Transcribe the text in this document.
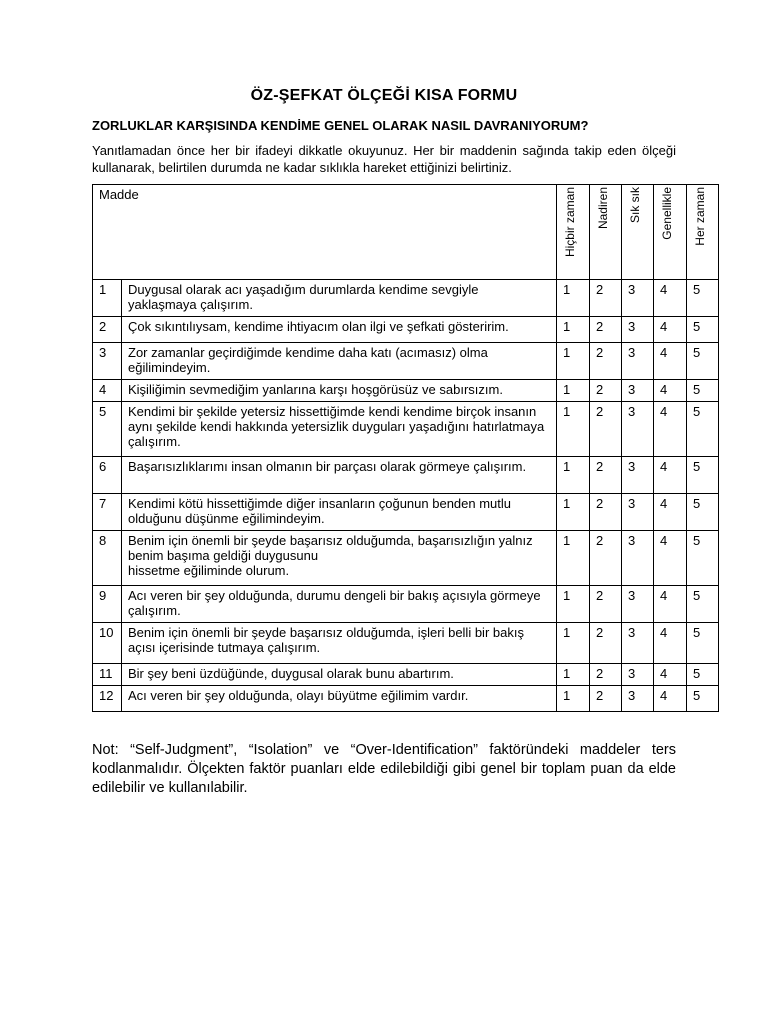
ÖZ-ŞEFKAT ÖLÇEĞİ KISA FORMU
ZORLUKLAR KARŞISINDA KENDİME GENEL OLARAK NASIL DAVRANIYORUM?
Yanıtlamadan önce her bir ifadeyi dikkatle okuyunuz. Her bir maddenin sağında takip eden ölçeği kullanarak, belirtilen durumda ne kadar sıklıkla hareket ettiğinizi belirtiniz.
Madde		Hiçbir zaman	Nadiren	Sık sık	Genellikle	Her zaman
1	Duygusal olarak acı yaşadığım durumlarda kendime sevgiyle yaklaşmaya çalışırım.	1	2	3	4	5
2	Çok sıkıntılıysam, kendime ihtiyacım olan ilgi ve şefkati gösteririm.	1	2	3	4	5
3	Zor zamanlar geçirdiğimde kendime daha katı (acımasız) olma eğilimindeyim.	1	2	3	4	5
4	Kişiliğimin sevmediğim yanlarına karşı hoşgörüsüz ve sabırsızım.	1	2	3	4	5
5	Kendimi bir şekilde yetersiz hissettiğimde kendi kendime birçok insanın aynı şekilde kendi hakkında yetersizlik duyguları yaşadığını hatırlatmaya çalışırım.	1	2	3	4	5
6	Başarısızlıklarımı insan olmanın bir parçası olarak görmeye çalışırım.	1	2	3	4	5
7	Kendimi kötü hissettiğimde diğer insanların çoğunun benden mutlu olduğunu düşünme eğilimindeyim.	1	2	3	4	5
8	Benim için önemli bir şeyde başarısız olduğumda, başarısızlığın yalnız benim başıma geldiği duygusunu
hissetme eğiliminde olurum.	1	2	3	4	5
9	Acı veren bir şey olduğunda, durumu dengeli bir bakış açısıyla görmeye çalışırım.	1	2	3	4	5
10	Benim için önemli bir şeyde başarısız olduğumda, işleri belli bir bakış açısı içerisinde tutmaya çalışırım.	1	2	3	4	5
11	Bir şey beni üzdüğünde, duygusal olarak bunu abartırım.	1	2	3	4	5
12	Acı veren bir şey olduğunda, olayı büyütme eğilimim vardır.	1	2	3	4	5
Not: “Self-Judgment”, “Isolation” ve “Over-Identification” faktöründeki maddeler ters kodlanmalıdır. Ölçekten faktör puanları elde edilebildiği gibi genel bir toplam puan da elde edilebilir ve kullanılabilir.
